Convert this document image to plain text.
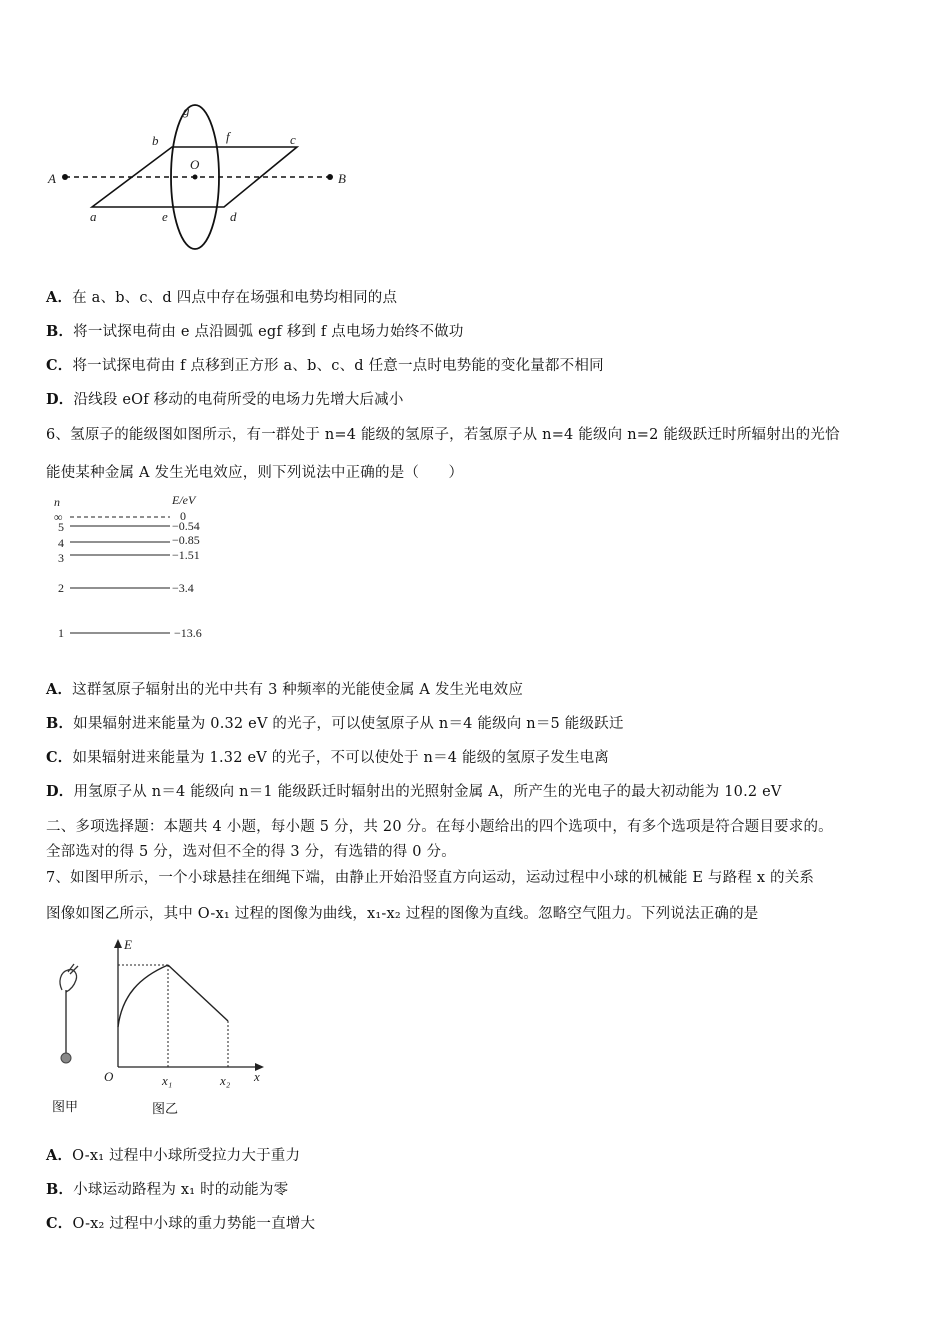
A	B
b	f	c
g
O
a	e	d
A．在 a、b、c、d 四点中存在场强和电势均相同的点
B．将一试探电荷由 e 点沿圆弧 egf 移到 f 点电场力始终不做功
C．将一试探电荷由 f 点移到正方形 a、b、c、d 任意一点时电势能的变化量都不相同
D．沿线段 eOf 移动的电荷所受的电场力先增大后减小
6、氢原子的能级图如图所示，有一群处于 n=4 能级的氢原子，若氢原子从 n=4 能级向 n=2 能级跃迁时所辐射出的光恰
能使某种金属 A 发生光电效应，则下列说法中正确的是（　　）
n	E/eV
∞	0
5	−0.54
4	−0.85
3	−1.51
2	−3.4
1	−13.6
A．这群氢原子辐射出的光中共有 3 种频率的光能使金属 A 发生光电效应
B．如果辐射进来能量为 0.32 eV 的光子，可以使氢原子从 n＝4 能级向 n＝5 能级跃迁
C．如果辐射进来能量为 1.32 eV 的光子，不可以使处于 n＝4 能级的氢原子发生电离
D．用氢原子从 n＝4 能级向 n＝1 能级跃迁时辐射出的光照射金属 A，所产生的光电子的最大初动能为 10.2 eV
二、多项选择题：本题共 4 小题，每小题 5 分，共 20 分。在每小题给出的四个选项中，有多个选项是符合题目要求的。
全部选对的得 5 分，选对但不全的得 3 分，有选错的得 0 分。
7、如图甲所示，一个小球悬挂在细绳下端，由静止开始沿竖直方向运动，运动过程中小球的机械能 E 与路程 x 的关系
图像如图乙所示，其中 O-x₁ 过程的图像为曲线，x₁-x₂ 过程的图像为直线。忽略空气阻力。下列说法正确的是
E
x
O	x₁	x₂
图甲	图乙
A．O-x₁ 过程中小球所受拉力大于重力
B．小球运动路程为 x₁ 时的动能为零
C．O-x₂ 过程中小球的重力势能一直增大
